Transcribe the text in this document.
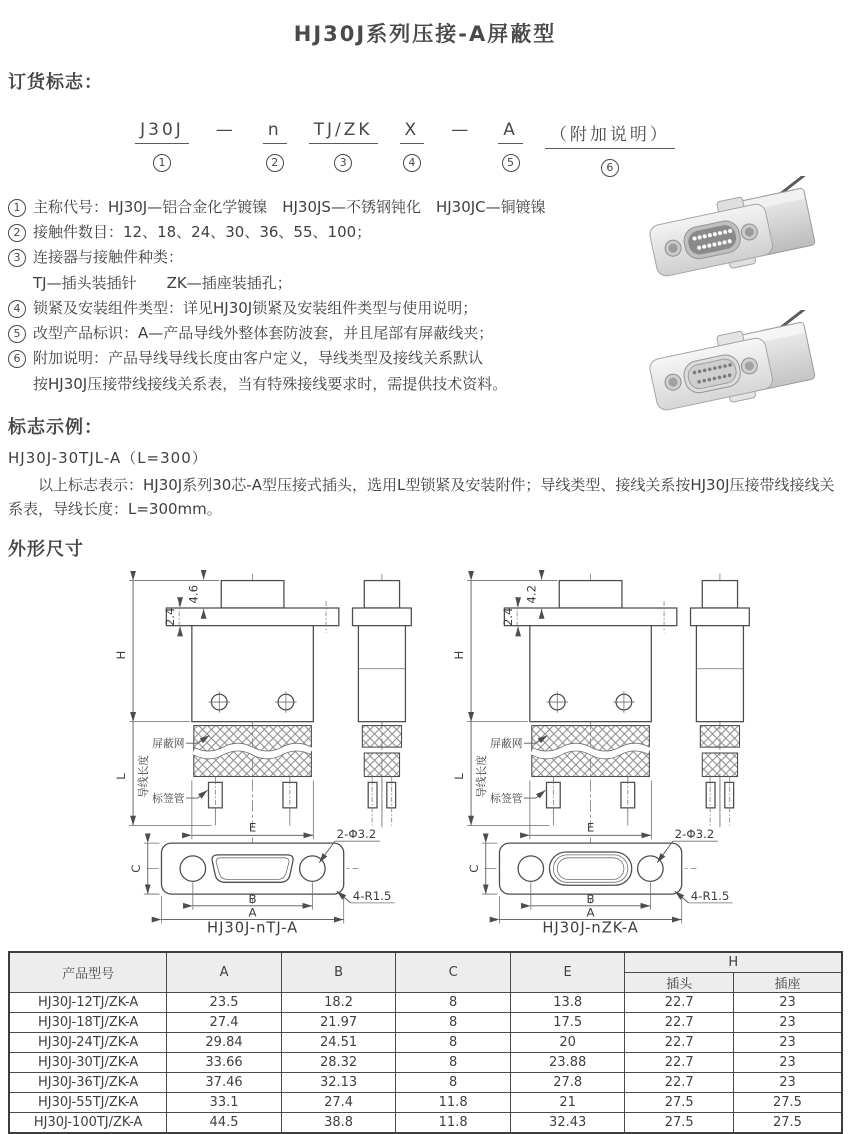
HJ30J系列压接-A屏蔽型
订货标志：
J30J
1
— n
2
TJ/ZK
3
X
4
— A
5
（附加说明）
6

1 主称代号：HJ30J—铝合金化学镀镍　HJ30JS—不锈钢钝化　HJ30JC—铜镀镍

2 接触件数目：12、18、24、30、36、55、100；

3 连接器与接触件种类：

TJ—插头装插针　　ZK—插座装插孔；

4 锁紧及安装组件类型：详见HJ30J锁紧及安装组件类型与使用说明；

5 改型产品标识：A—产品导线外整体套防波套，并且尾部有屏蔽线夹；

6 附加说明：产品导线导线长度由客户定义，导线类型及接线关系默认

按HJ30J压接带线接线关系表，当有特殊接线要求时，需提供技术资料。

标志示例：
HJ30J-30TJL-A（L=300）

以上标志表示：HJ30J系列30芯-A型压接式插头，选用L型锁紧及安装附件；导线类型、接线关系按HJ30J压接带线接线关系表，导线长度：L=300mm。

外形尺寸
H
L 导线长度
4.6
2.4
屏蔽网
标签管
E
C
B
A
2-Φ3.2
4-R1.5
HJ30J-nTJ-A
H
L 导线长度
4.2
2.4
屏蔽网
标签管
E
C
B
A
2-Φ3.2
4-R1.5
HJ30J-nZK-A
产品型号	A	B	C	E	H	
					插头	插座
HJ30J-12TJ/ZK-A	23.5	18.2	8	13.8	22.7	23
HJ30J-18TJ/ZK-A	27.4	21.97	8	17.5	22.7	23
HJ30J-24TJ/ZK-A	29.84	24.51	8	20	22.7	23
HJ30J-30TJ/ZK-A	33.66	28.32	8	23.88	22.7	23
HJ30J-36TJ/ZK-A	37.46	32.13	8	27.8	22.7	23
HJ30J-55TJ/ZK-A	33.1	27.4	11.8	21	27.5	27.5
HJ30J-100TJ/ZK-A	44.5	38.8	11.8	32.43	27.5	27.5
